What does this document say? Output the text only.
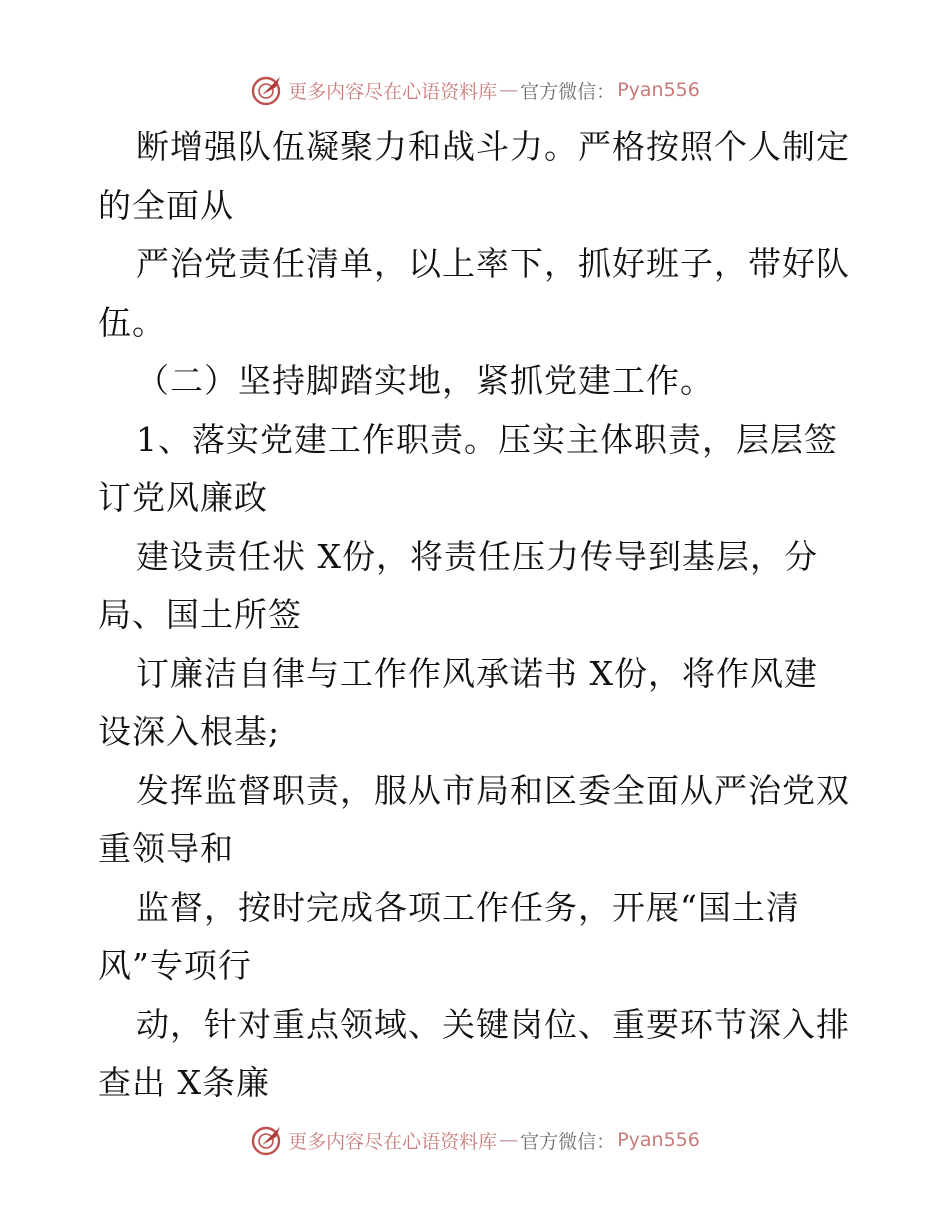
更多内容尽在心语资料库 — 官方微信： Pyan556
断增强队伍凝聚力和战斗力。严格按照个人制定
的全面从
严治党责任清单，以上率下，抓好班子，带好队
伍。
（二）坚持脚踏实地，紧抓党建工作。
1、落实党建工作职责。压实主体职责，层层签
订党风廉政
建设责任状 X份，将责任压力传导到基层，分
局、国土所签
订廉洁自律与工作作风承诺书 X份，将作风建
设深入根基;
发挥监督职责，服从市局和区委全面从严治党双
重领导和
监督，按时完成各项工作任务，开展“国土清
风”专项行
动，针对重点领域、关键岗位、重要环节深入排
查出 X条廉
更多内容尽在心语资料库 — 官方微信： Pyan556
